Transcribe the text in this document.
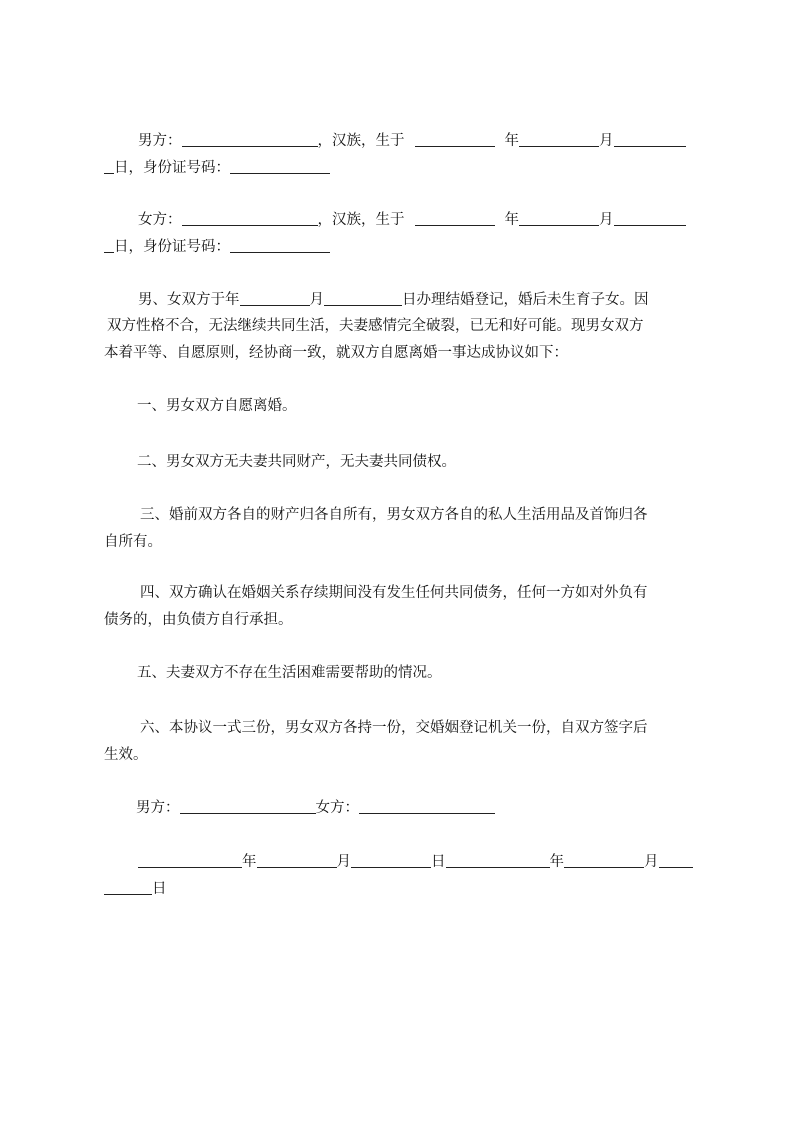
男方：	，汉族，生于	年	月
日，身份证号码：
女方：	，汉族，生于	年	月
日，身份证号码：
男、女双方于年	月	日办理结婚登记，婚后未生育子女。因
双方性格不合，无法继续共同生活，夫妻感情完全破裂，已无和好可能。现男女双方
本着平等、自愿原则，经协商一致，就双方自愿离婚一事达成协议如下：
一、男女双方自愿离婚。
二、男女双方无夫妻共同财产，无夫妻共同债权。
三、婚前双方各自的财产归各自所有，男女双方各自的私人生活用品及首饰归各
自所有。
四、双方确认在婚姻关系存续期间没有发生任何共同债务，任何一方如对外负有
债务的，由负债方自行承担。
五、夫妻双方不存在生活困难需要帮助的情况。
六、本协议一式三份，男女双方各持一份，交婚姻登记机关一份，自双方签字后
生效。
男方：	女方：
年	月	日	年	月
日
